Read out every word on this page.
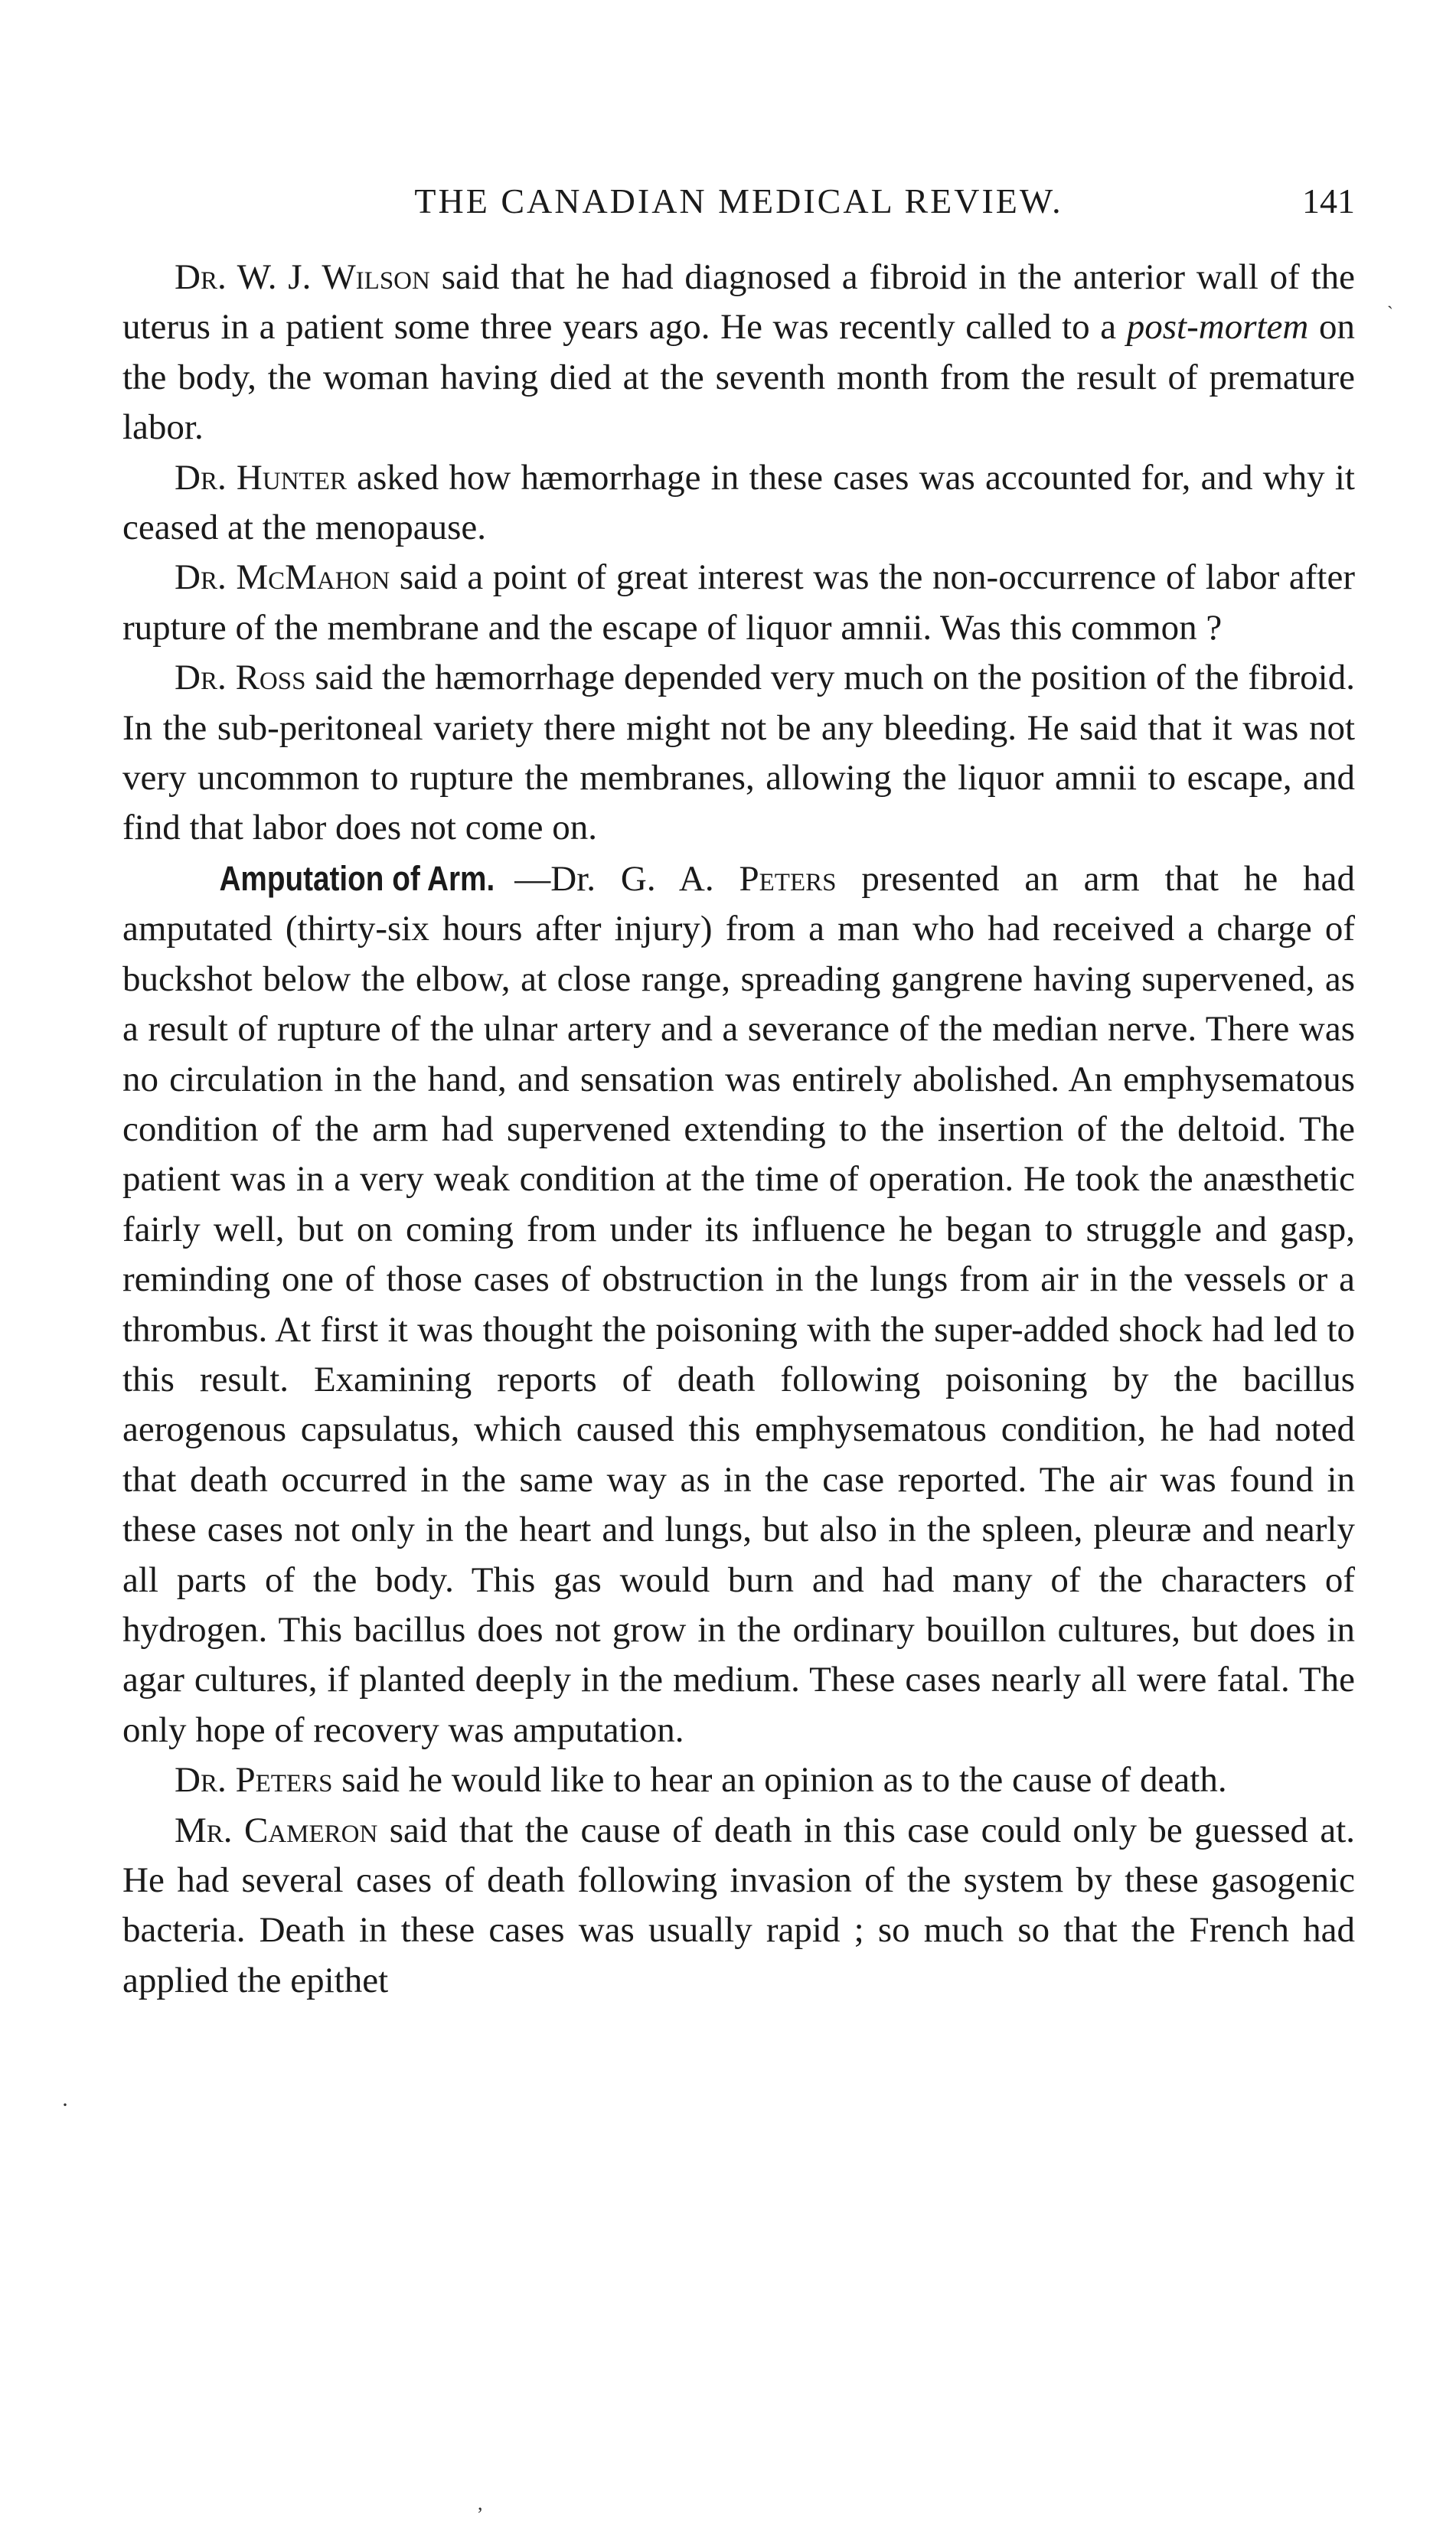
THE CANADIAN MEDICAL REVIEW.	141

Dr. W. J. Wilson said that he had diagnosed a fibroid in the anterior wall of the uterus in a patient some three years ago. He was recently called to a post-mortem on the body, the woman having died at the seventh month from the result of premature labor.

Dr. Hunter asked how hæmorrhage in these cases was accounted for, and why it ceased at the menopause.

Dr. McMahon said a point of great interest was the non-occurrence of labor after rupture of the membrane and the escape of liquor amnii. Was this common ?

Dr. Ross said the hæmorrhage depended very much on the position of the fibroid. In the sub-peritoneal variety there might not be any bleeding. He said that it was not very uncommon to rupture the membranes, allowing the liquor amnii to escape, and find that labor does not come on.

Amputation of Arm. —Dr. G. A. Peters presented an arm that he had amputated (thirty-six hours after injury) from a man who had received a charge of buckshot below the elbow, at close range, spreading gangrene having supervened, as a result of rupture of the ulnar artery and a severance of the median nerve. There was no circulation in the hand, and sensation was entirely abolished. An emphysematous condition of the arm had supervened extending to the insertion of the deltoid. The patient was in a very weak condition at the time of operation. He took the anæsthetic fairly well, but on coming from under its influence he began to struggle and gasp, reminding one of those cases of obstruction in the lungs from air in the vessels or a thrombus. At first it was thought the poisoning with the super-added shock had led to this result. Examining reports of death following poisoning by the bacillus aerogenous capsulatus, which caused this emphysematous condition, he had noted that death occurred in the same way as in the case reported. The air was found in these cases not only in the heart and lungs, but also in the spleen, pleuræ and nearly all parts of the body. This gas would burn and had many of the characters of hydrogen. This bacillus does not grow in the ordinary bouillon cultures, but does in agar cultures, if planted deeply in the medium. These cases nearly all were fatal. The only hope of recovery was amputation.

Dr. Peters said he would like to hear an opinion as to the cause of death.

Mr. Cameron said that the cause of death in this case could only be guessed at. He had several cases of death following invasion of the system by these gasogenic bacteria. Death in these cases was usually rapid ; so much so that the French had applied the epithet

`
·
,
